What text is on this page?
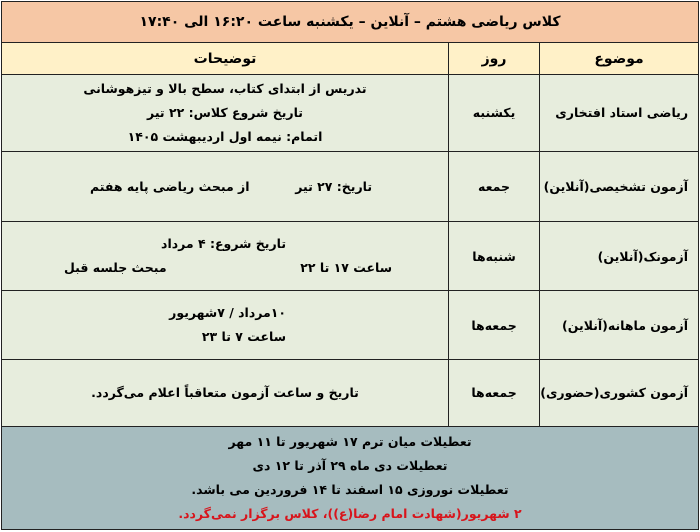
کلاس ریاضی هشتم – آنلاین – یکشنبه ساعت ۱۶:۲۰ الی ۱۷:۴۰		
موضوع	روز	توضیحات
ریاضی استاد افتخاری	یکشنبه	تدریس از ابتدای کتاب، سطح بالا و تیزهوشانی
تاریخ شروع کلاس: ۲۲ تیر
اتمام: نیمه اول اردیبهشت ۱۴۰۵

آزمون تشخیصی(آنلاین)	جمعه	تاریخ: ۲۷ تیر
از مبحث ریاضی پایه هفتم

آزمونک(آنلاین)	شنبه‌ها	تاریخ شروع: ۴ مرداد
ساعت ۱۷ تا ۲۲
مبحث جلسه قبل

آزمون ماهانه(آنلاین)	جمعه‌ها	۱۰مرداد / ۷شهریور
ساعت ۷ تا ۲۳

آزمون کشوری(حضوری)	جمعه‌ها	تاریخ و ساعت آزمون متعاقباً اعلام می‌گردد.

تعطیلات میان ترم ۱۷ شهریور تا ۱۱ مهر
تعطیلات دی ماه ۲۹ آذر تا ۱۲ دی
تعطیلات نوروزی ۱۵ اسفند تا ۱۴ فروردین می باشد.
۲ شهریور(شهادت امام رضا(ع))، کلاس برگزار نمی‌گردد.		
